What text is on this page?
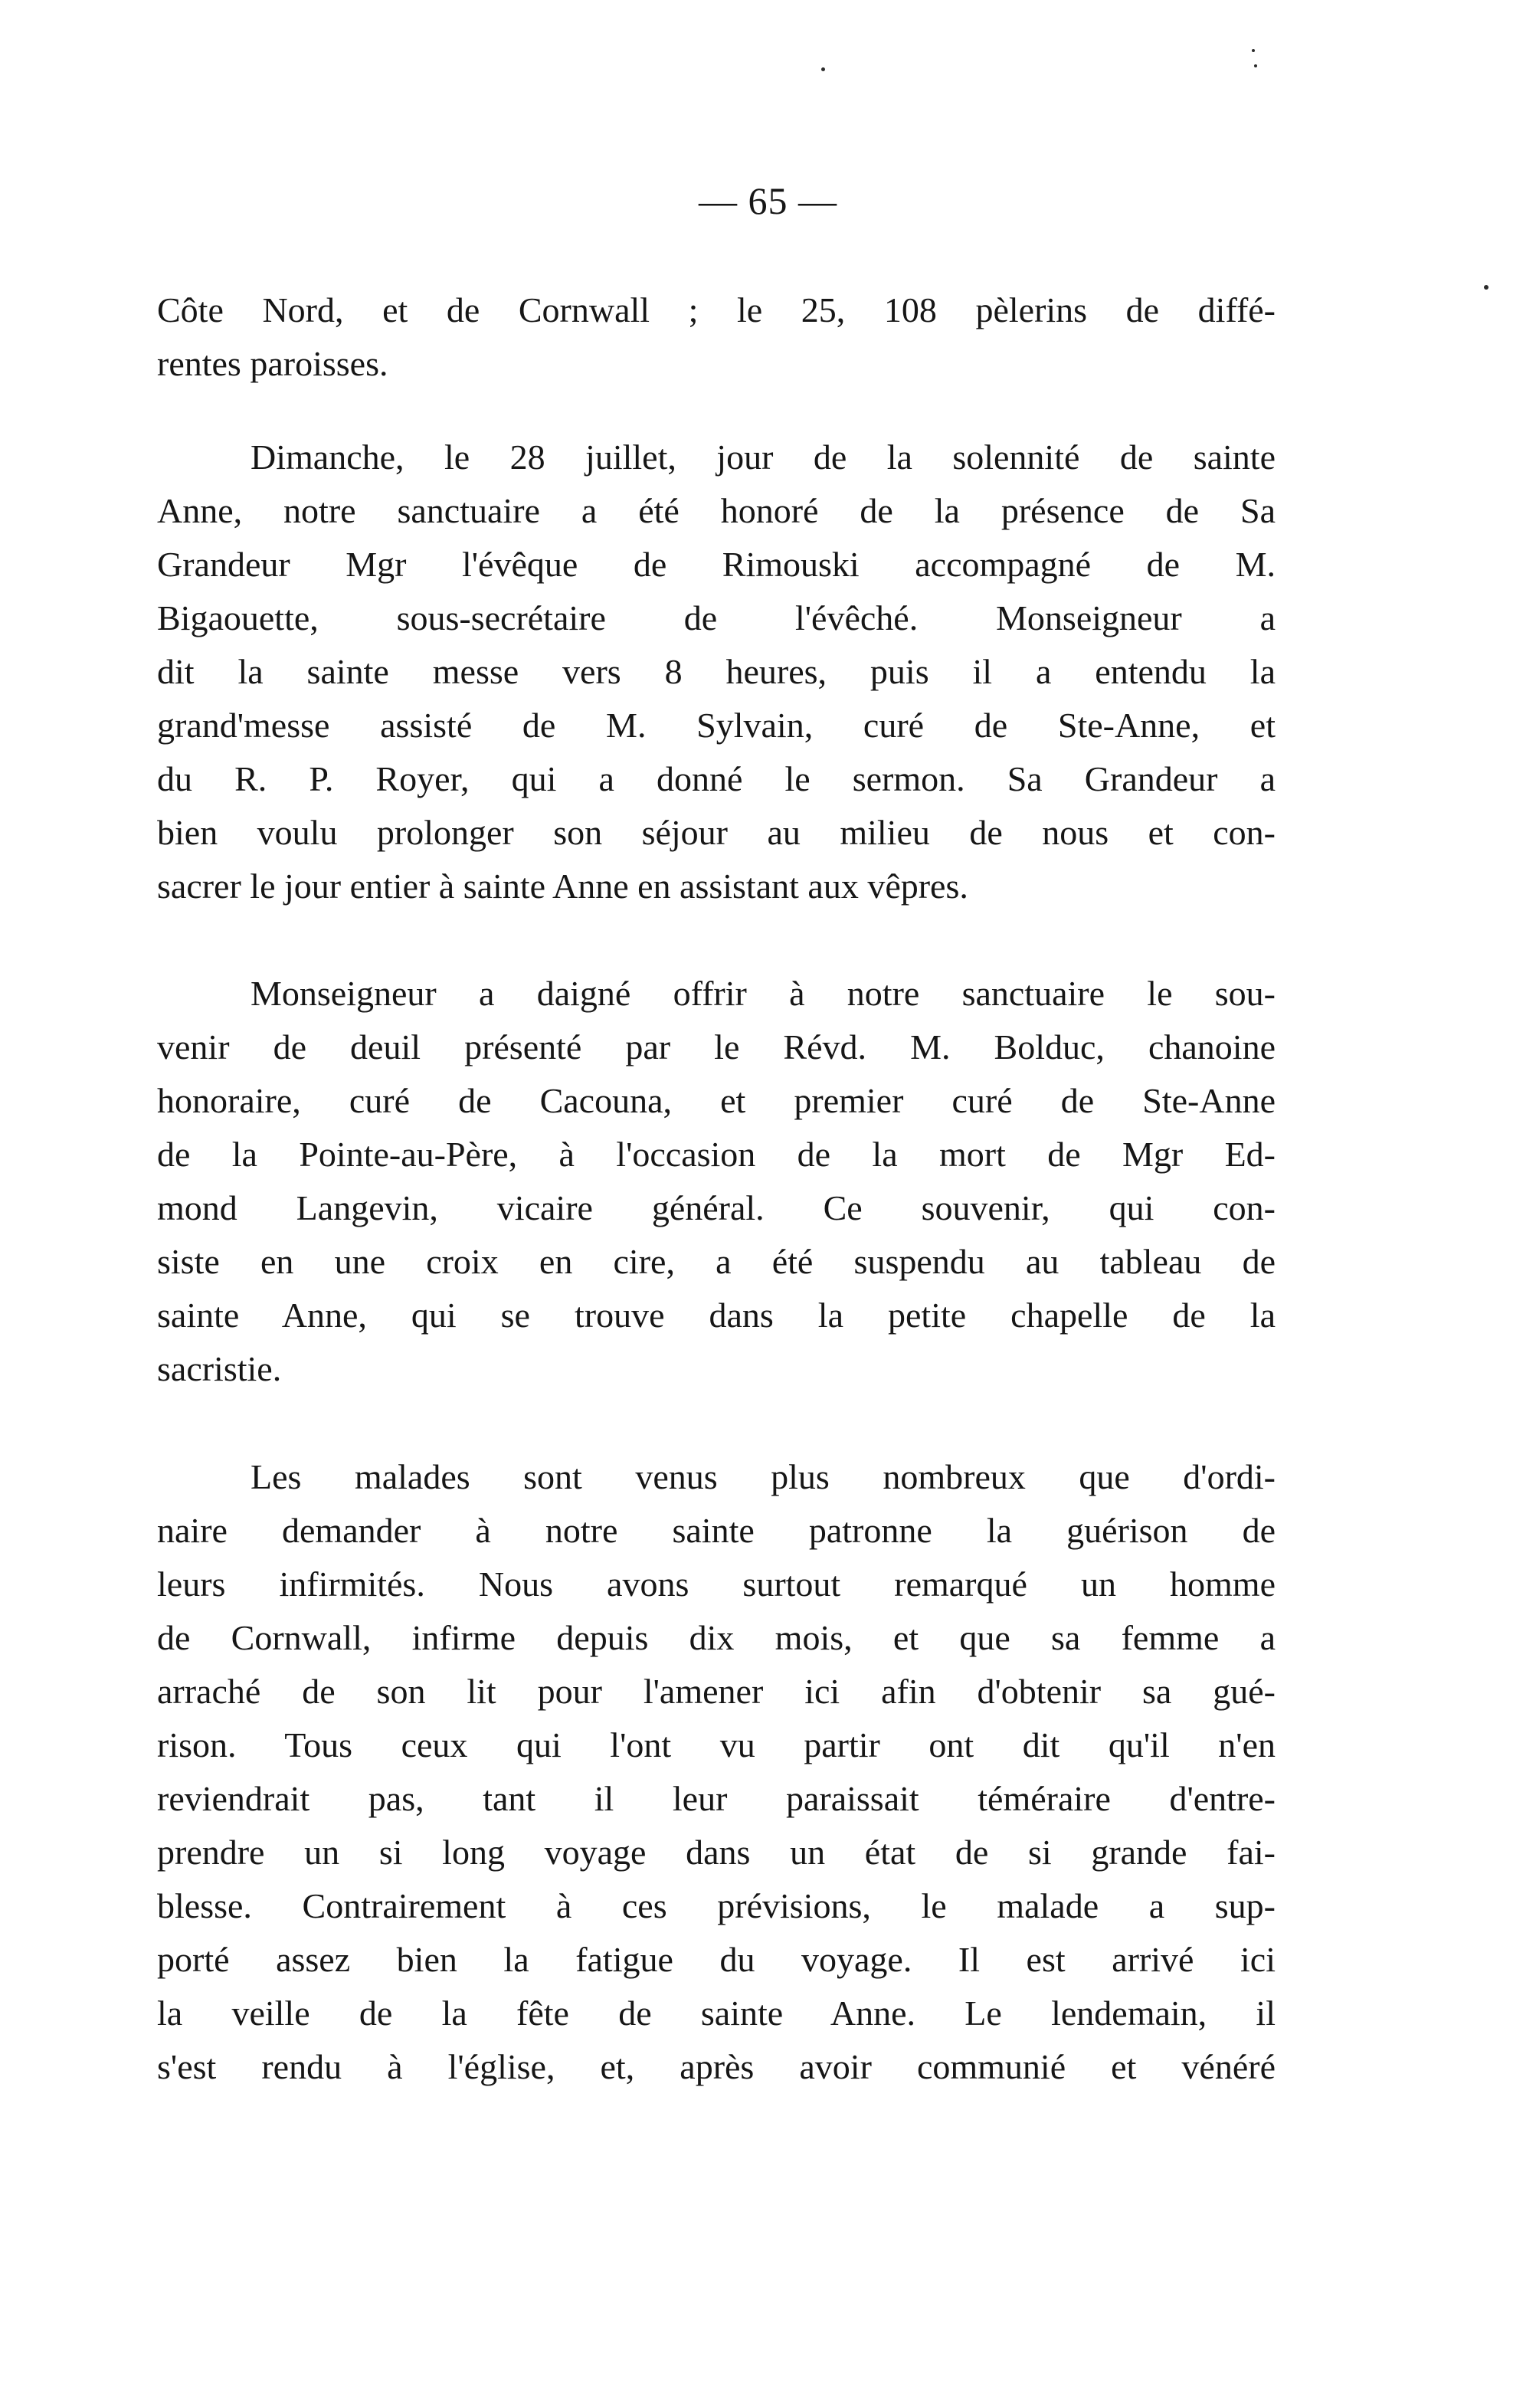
— 65 —
Côte Nord, et de Cornwall ; le 25, 108 pèlerins de diffé-
rentes paroisses.
Dimanche, le 28 juillet, jour de la solennité de sainte
Anne, notre sanctuaire a été honoré de la présence de Sa
Grandeur Mgr l'évêque de Rimouski accompagné de M.
Bigaouette, sous-secrétaire de l'évêché. Monseigneur a
dit la sainte messe vers 8 heures, puis il a entendu la
grand'messe assisté de M. Sylvain, curé de Ste-Anne, et
du R. P. Royer, qui a donné le sermon. Sa Grandeur a
bien voulu prolonger son séjour au milieu de nous et con-
sacrer le jour entier à sainte Anne en assistant aux vêpres.
Monseigneur a daigné offrir à notre sanctuaire le sou-
venir de deuil présenté par le Révd. M. Bolduc, chanoine
honoraire, curé de Cacouna, et premier curé de Ste-Anne
de la Pointe-au-Père, à l'occasion de la mort de Mgr Ed-
mond Langevin, vicaire général. Ce souvenir, qui con-
siste en une croix en cire, a été suspendu au tableau de
sainte Anne, qui se trouve dans la petite chapelle de la
sacristie.
Les malades sont venus plus nombreux que d'ordi-
naire demander à notre sainte patronne la guérison de
leurs infirmités. Nous avons surtout remarqué un homme
de Cornwall, infirme depuis dix mois, et que sa femme a
arraché de son lit pour l'amener ici afin d'obtenir sa gué-
rison. Tous ceux qui l'ont vu partir ont dit qu'il n'en
reviendrait pas, tant il leur paraissait téméraire d'entre-
prendre un si long voyage dans un état de si grande fai-
blesse. Contrairement à ces prévisions, le malade a sup-
porté assez bien la fatigue du voyage. Il est arrivé ici
la veille de la fête de sainte Anne. Le lendemain, il
s'est rendu à l'église, et, après avoir communié et vénéré
